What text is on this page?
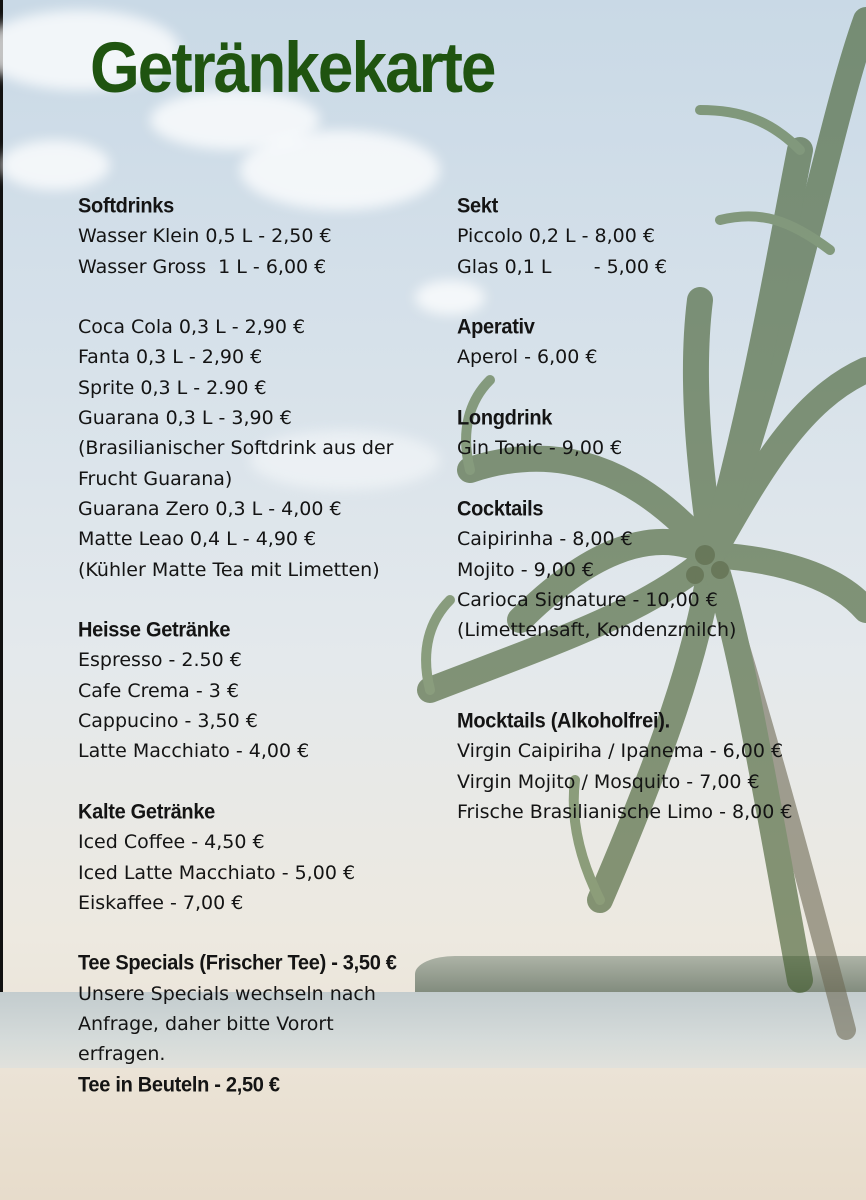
Getränkekarte
Softdrinks
Wasser Klein 0,5 L - 2,50 €
Wasser Gross  1 L - 6,00 €
Coca Cola 0,3 L - 2,90 €
Fanta 0,3 L - 2,90 €
Sprite 0,3 L - 2.90 €
Guarana 0,3 L - 3,90 €
(Brasilianischer Softdrink aus der
Frucht Guarana)
Guarana Zero 0,3 L - 4,00 €
Matte Leao 0,4 L - 4,90 €
(Kühler Matte Tea mit Limetten)
Heisse Getränke
Espresso - 2.50 €
Cafe Crema - 3 €
Cappucino - 3,50 €
Latte Macchiato - 4,00 €
Kalte Getränke
Iced Coffee - 4,50 €
Iced Latte Macchiato - 5,00 €
Eiskaffee - 7,00 €
Tee Specials (Frischer Tee) - 3,50 €
Unsere Specials wechseln nach
Anfrage, daher bitte Vorort
erfragen.
Tee in Beuteln - 2,50 €
Sekt
Piccolo 0,2 L - 8,00 €
Glas 0,1 L       - 5,00 €
Aperativ
Aperol - 6,00 €
Longdrink
Gin Tonic - 9,00 €
Cocktails
Caipirinha - 8,00 €
Mojito - 9,00 €
Carioca Signature - 10,00 €
(Limettensaft, Kondenzmilch)
Mocktails (Alkoholfrei).
Virgin Caipiriha / Ipanema - 6,00 €
Virgin Mojito / Mosquito - 7,00 €
Frische Brasilianische Limo - 8,00 €
